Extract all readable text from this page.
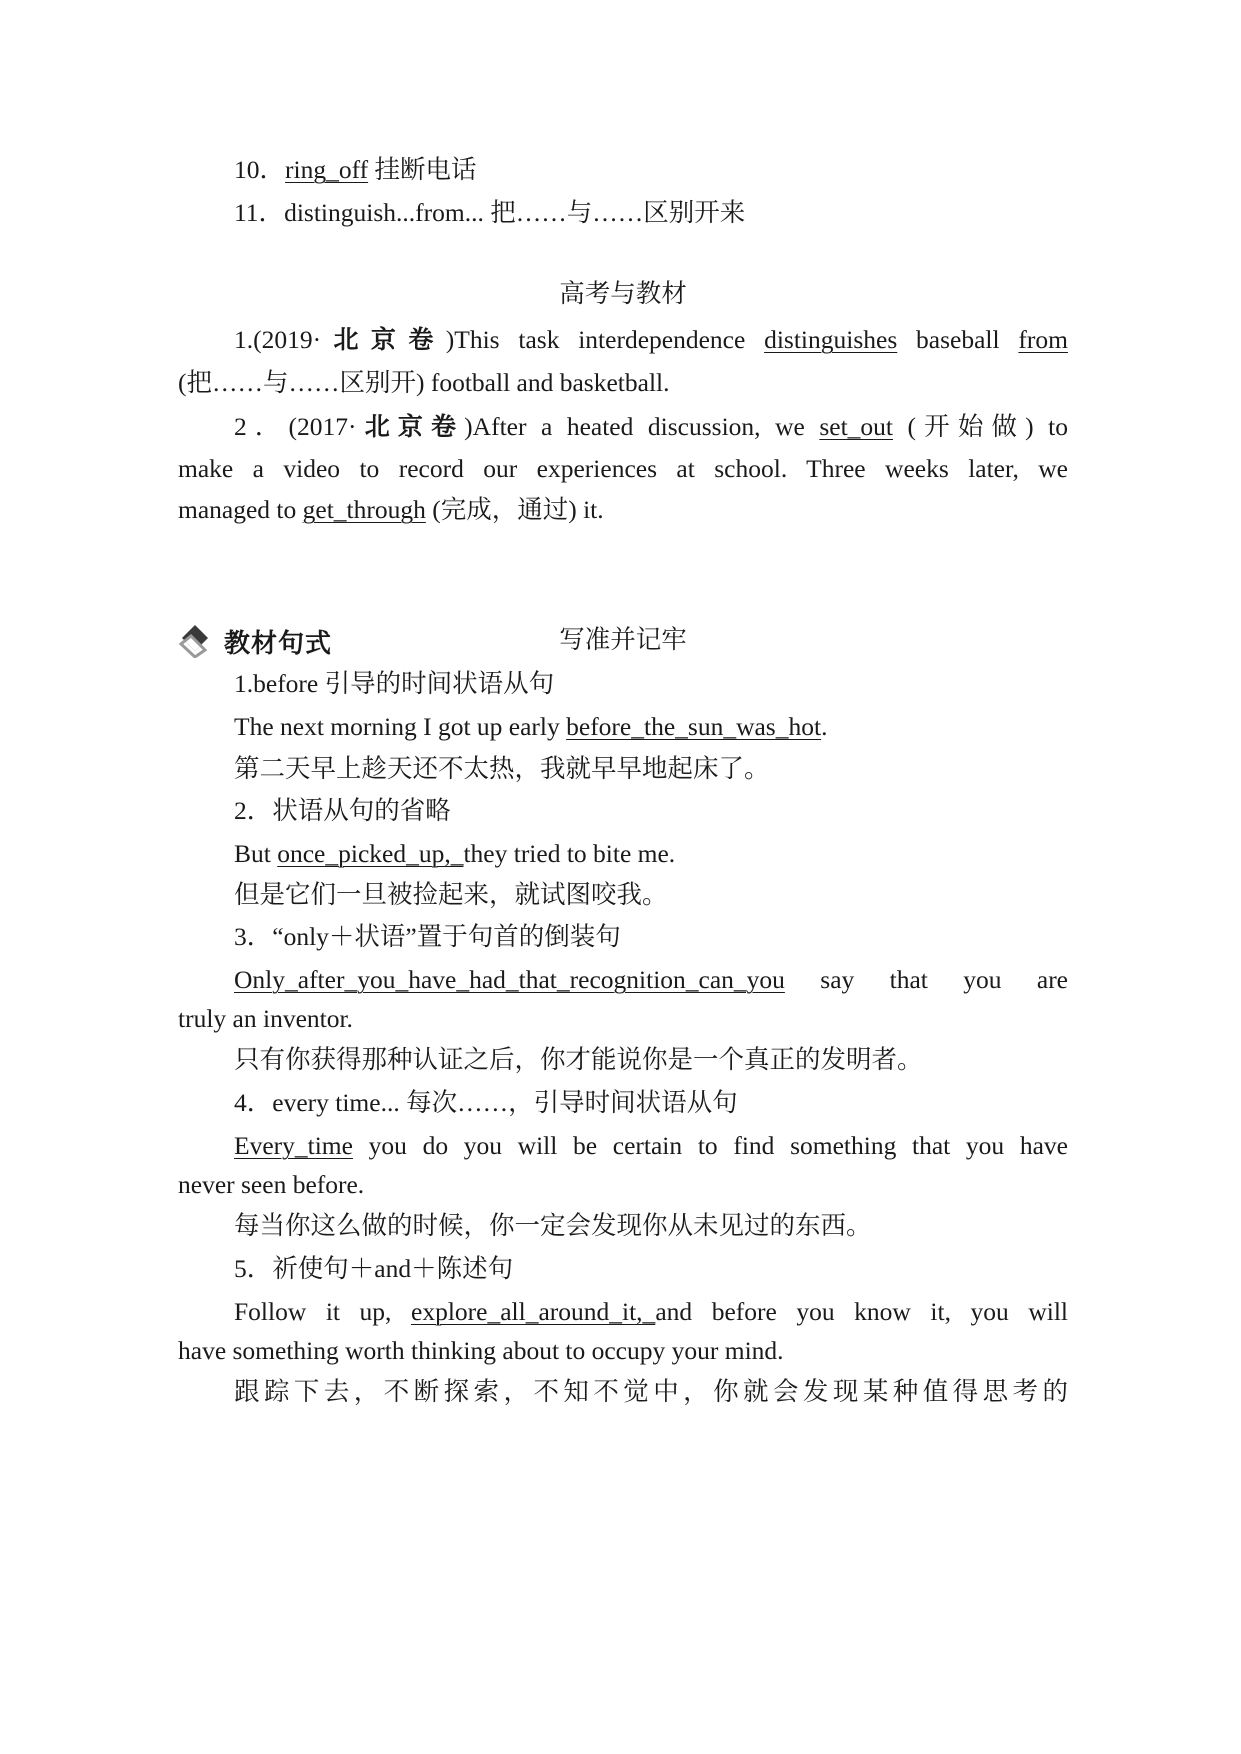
10．ring_off 挂断电话
11．distinguish...from... 把……与……区别开来
高考与教材
1.(2019·北京卷)This task interdependence distinguishes baseball from
(把……与……区别开) football and basketball.
2．(2017·北京卷)After a heated discussion, we set_out (开始做) to
make a video to record our experiences at school. Three weeks later, we
managed to get_through (完成，通过) it.
教材句式	写准并记牢
1.before 引导的时间状语从句
The next morning I got up early before_the_sun_was_hot.
第二天早上趁天还不太热，我就早早地起床了。
2．状语从句的省略
But once_picked_up,_they tried to bite me.
但是它们一旦被捡起来，就试图咬我。
3．“only＋状语”置于句首的倒装句
Only_after_you_have_had_that_recognition_can_you say that you are
truly an inventor.
只有你获得那种认证之后，你才能说你是一个真正的发明者。
4．every time... 每次……，引导时间状语从句
Every_time you do you will be certain to find something that you have
never seen before.
每当你这么做的时候，你一定会发现你从未见过的东西。
5．祈使句＋and＋陈述句
Follow it up, explore_all_around_it,_and before you know it, you will
have something worth thinking about to occupy your mind.
跟踪下去，不断探索，不知不觉中，你就会发现某种值得思考的
